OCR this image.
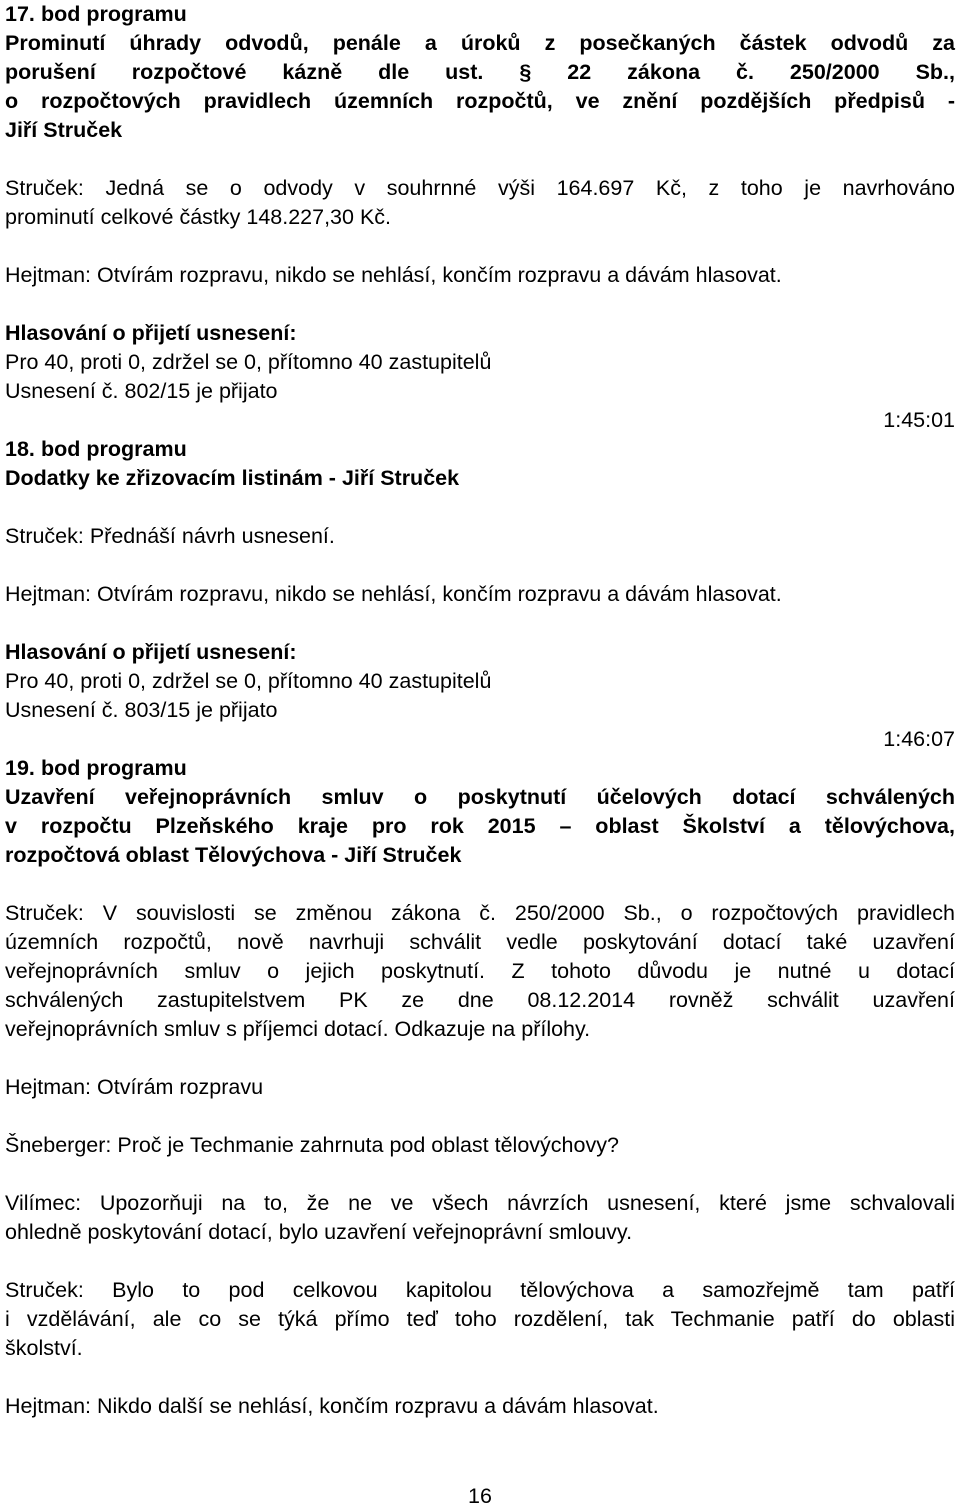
17. bod programu

Prominutí úhrady odvodů, penále a úroků z posečkaných částek odvodů za

porušení rozpočtové kázně dle ust. § 22 zákona č. 250/2000 Sb.,

o rozpočtových pravidlech územních rozpočtů, ve znění pozdějších předpisů -

Jiří Struček

Struček: Jedná se o odvody v souhrnné výši 164.697 Kč, z toho je navrhováno

prominutí celkové částky 148.227,30 Kč.

Hejtman: Otvírám rozpravu, nikdo se nehlásí, končím rozpravu a dávám hlasovat.

Hlasování o přijetí usnesení:

Pro 40, proti 0, zdržel se 0, přítomno 40 zastupitelů

Usnesení č. 802/15 je přijato

1:45:01

18. bod programu

Dodatky ke zřizovacím listinám - Jiří Struček

Struček: Přednáší návrh usnesení.

Hejtman: Otvírám rozpravu, nikdo se nehlásí, končím rozpravu a dávám hlasovat.

Hlasování o přijetí usnesení:

Pro 40, proti 0, zdržel se 0, přítomno 40 zastupitelů

Usnesení č. 803/15 je přijato

1:46:07

19. bod programu

Uzavření veřejnoprávních smluv o poskytnutí účelových dotací schválených

v rozpočtu Plzeňského kraje pro rok 2015 – oblast Školství a tělovýchova,

rozpočtová oblast Tělovýchova - Jiří Struček

Struček: V souvislosti se změnou zákona č. 250/2000 Sb., o rozpočtových pravidlech

územních rozpočtů, nově navrhuji schválit vedle poskytování dotací také uzavření

veřejnoprávních smluv o jejich poskytnutí. Z tohoto důvodu je nutné u dotací

schválených zastupitelstvem PK ze dne 08.12.2014 rovněž schválit uzavření

veřejnoprávních smluv s příjemci dotací. Odkazuje na přílohy.

Hejtman: Otvírám rozpravu

Šneberger: Proč je Techmanie zahrnuta pod oblast tělovýchovy?

Vilímec: Upozorňuji na to, že ne ve všech návrzích usnesení, které jsme schvalovali

ohledně poskytování dotací, bylo uzavření veřejnoprávní smlouvy.

Struček: Bylo to pod celkovou kapitolou tělovýchova a samozřejmě tam patří

i vzdělávání, ale co se týká přímo teď toho rozdělení, tak Techmanie patří do oblasti

školství.

Hejtman: Nikdo další se nehlásí, končím rozpravu a dávám hlasovat.

16
